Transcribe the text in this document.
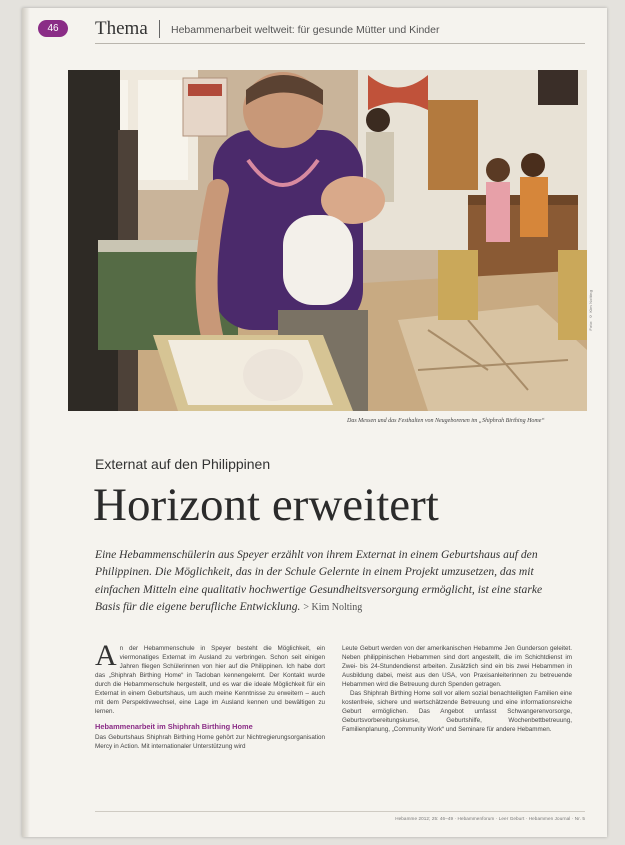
46	Thema Hebammenarbeit weltweit: für gesunde Mütter und Kinder
Foto: © Kim Nolting
Das Messen und das Festhalten von Neugeborenen im „Shiphrah Birthing Home“
Externat auf den Philippinen
Horizont erweitert
Eine Hebammenschülerin aus Speyer erzählt von ihrem Externat in einem Geburtshaus auf den Philippinen. Die Möglichkeit, das in der Schule Gelernte in einem Projekt umzusetzen, das mit einfachen Mitteln eine qualitativ hochwertige Gesundheitsversorgung ermöglicht, ist eine starke Basis für die eigene berufliche Entwicklung. > Kim Nolting

An der Hebammenschule in Speyer besteht die Möglichkeit, ein viermonatiges Externat im Ausland zu verbringen. Schon seit einigen Jahren fliegen Schülerinnen von hier auf die Philippinen. Ich habe dort das „Shiphrah Birthing Home“ in Tacloban kennengelernt. Der Kontakt wurde durch die Hebammenschule hergestellt, und es war die ideale Möglichkeit für ein Externat in einem Geburtshaus, um auch meine Kenntnisse zu erweitern – auch mit dem Perspektivwechsel, eine Lage im Ausland kennen und bewältigen zu lernen.

Hebammenarbeit im Shiphrah Birthing Home

Das Geburtshaus Shiphrah Birthing Home gehört zur Nichtregierungsorganisation Mercy in Action. Mit internationaler Unterstützung wird

Leute Geburt werden von der amerikanischen Hebamme Jen Gunderson geleitet. Neben philippinischen Hebammen sind dort angestellt, die im Schichtdienst im Zwei- bis 24-Stundendienst arbeiten. Zusätzlich sind ein bis zwei Hebammen in Ausbildung dabei, meist aus den USA, von Praxisanleiterinnen zu betreuende Hebammen wird die Betreuung durch Spenden getragen.

Das Shiphrah Birthing Home soll vor allem sozial benachteiligten Familien eine kostenfreie, sichere und wertschätzende Betreuung und eine informationsreiche Geburt ermöglichen. Das Angebot umfasst Schwangerenvorsorge, Geburtsvorbereitungskurse, Geburtshilfe, Wochenbettbetreuung, Familienplanung, „Community Work“ und Seminare für andere Hebammen.

Hebamme 2012; 25: 46–49 · Hebammenforum · Leer Geburt · Hebammen Journal · Nr. 5
